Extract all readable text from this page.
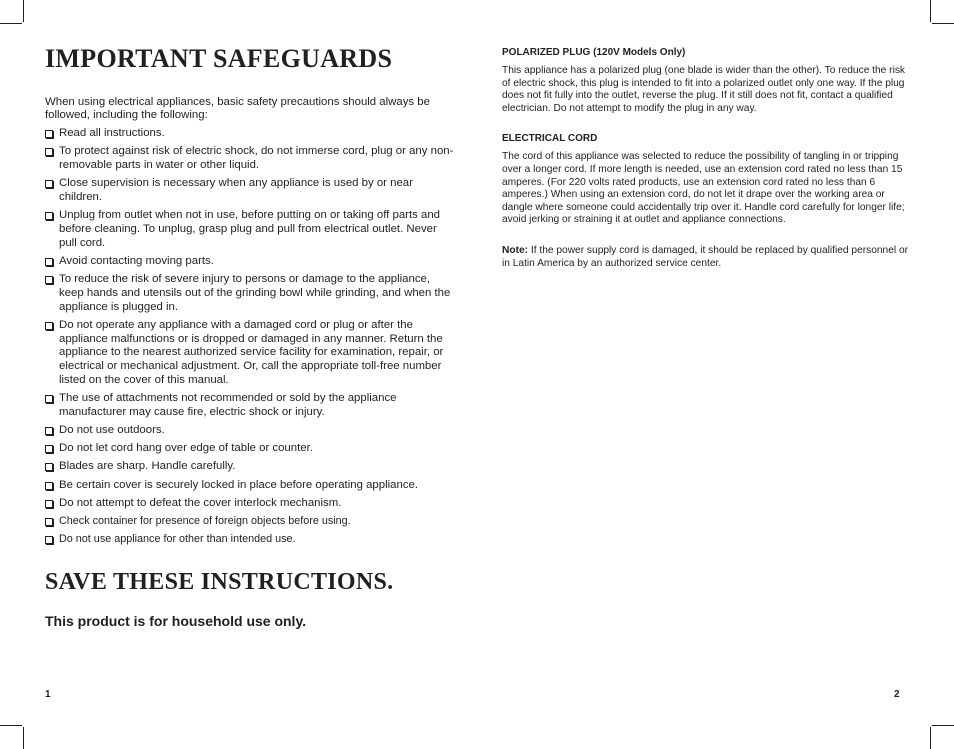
IMPORTANT SAFEGUARDS

When using electrical appliances, basic safety precautions should always be followed, including the following:

Read all instructions.
To protect against risk of electric shock, do not immerse cord, plug or any non-removable parts in water or other liquid.
Close supervision is necessary when any appliance is used by or near children.
Unplug from outlet when not in use, before putting on or taking off parts and before cleaning. To unplug, grasp plug and pull from electrical outlet. Never pull cord.
Avoid contacting moving parts.
To reduce the risk of severe injury to persons or damage to the appliance, keep hands and utensils out of the grinding bowl while grinding, and when the appliance is plugged in.
Do not operate any appliance with a damaged cord or plug or after the appliance malfunctions or is dropped or damaged in any manner. Return the appliance to the nearest authorized service facility for examination, repair, or electrical or mechanical adjustment. Or, call the appropriate toll-free number listed on the cover of this manual.
The use of attachments not recommended or sold by the appliance manufacturer may cause fire, electric shock or injury.
Do not use outdoors.
Do not let cord hang over edge of table or counter.
Blades are sharp. Handle carefully.
Be certain cover is securely locked in place before operating appliance.
Do not attempt to defeat the cover interlock mechanism.
Check container for presence of foreign objects before using.
Do not use appliance for other than intended use.
SAVE THESE INSTRUCTIONS.
This product is for household use only.
1
POLARIZED PLUG (120V Models Only)

This appliance has a polarized plug (one blade is wider than the other). To reduce the risk of electric shock, this plug is intended to fit into a polarized outlet only one way. If the plug does not fit fully into the outlet, reverse the plug. If it still does not fit, contact a qualified electrician. Do not attempt to modify the plug in any way.

ELECTRICAL CORD

The cord of this appliance was selected to reduce the possibility of tangling in or tripping over a longer cord. If more length is needed, use an extension cord rated no less than 15 amperes. (For 220 volts rated products, use an extension cord rated no less than 6 amperes.) When using an extension cord, do not let it drape over the working area or dangle where someone could accidentally trip over it. Handle cord carefully for longer life; avoid jerking or straining it at outlet and appliance connections.

Note: If the power supply cord is damaged, it should be replaced by qualified personnel or in Latin America by an authorized service center.

2
